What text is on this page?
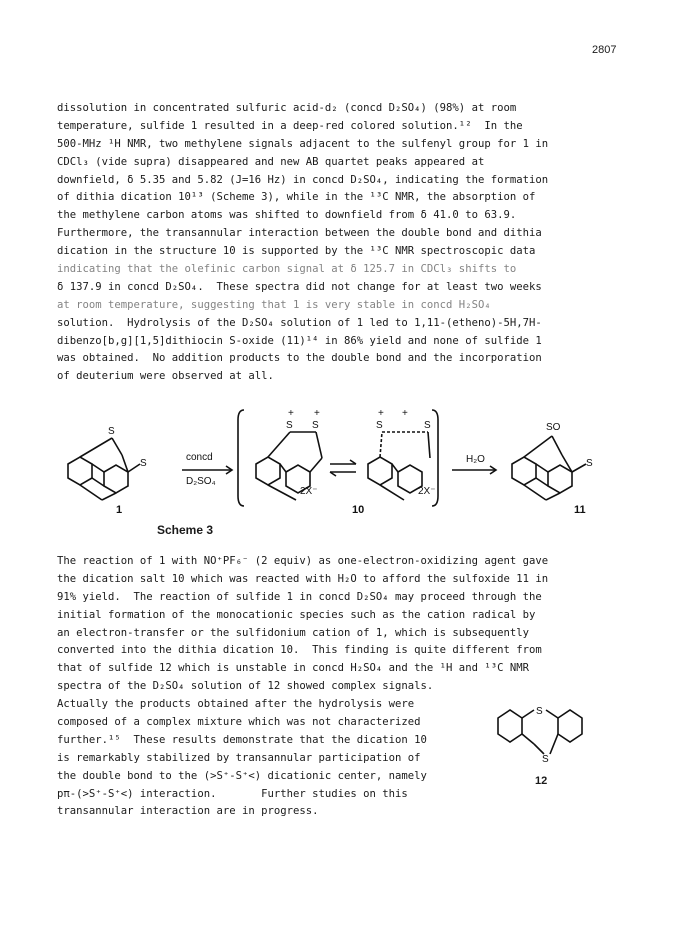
2807
dissolution in concentrated sulfuric acid-d₂ (concd D₂SO₄) (98%) at room
temperature, sulfide 1 resulted in a deep-red colored solution.¹²  In the
500-MHz ¹H NMR, two methylene signals adjacent to the sulfenyl group for 1 in
CDCl₃ (vide supra) disappeared and new AB quartet peaks appeared at
downfield, δ 5.35 and 5.82 (J=16 Hz) in concd D₂SO₄, indicating the formation
of dithia dication 10¹³ (Scheme 3), while in the ¹³C NMR, the absorption of
the methylene carbon atoms was shifted to downfield from δ 41.0 to 63.9.
Furthermore, the transannular interaction between the double bond and dithia
dication in the structure 10 is supported by the ¹³C NMR spectroscopic data
indicating that the olefinic carbon signal at δ 125.7 in CDCl₃ shifts to
δ 137.9 in concd D₂SO₄.  These spectra did not change for at least two weeks
at room temperature, suggesting that 1 is very stable in concd H₂SO₄
solution.  Hydrolysis of the D₂SO₄ solution of 1 led to 1,11-(etheno)-5H,7H-
dibenzo[b,g][1,5]dithiocin S-oxide (11)¹⁴ in 86% yield and none of sulfide 1
was obtained.  No addition products to the double bond and the incorporation
of deuterium were observed at all.
S
S
concd
D₂SO₄
S S
+ +
S	S
+ +
2X⁻	2X⁻
H₂O
SO
S
1	10	11
Scheme 3
The reaction of 1 with NO⁺PF₆⁻ (2 equiv) as one-electron-oxidizing agent gave
the dication salt 10 which was reacted with H₂O to afford the sulfoxide 11 in
91% yield.  The reaction of sulfide 1 in concd D₂SO₄ may proceed through the
initial formation of the monocationic species such as the cation radical by
an electron-transfer or the sulfidonium cation of 1, which is subsequently
converted into the dithia dication 10.  This finding is quite different from
that of sulfide 12 which is unstable in concd H₂SO₄ and the ¹H and ¹³C NMR
spectra of the D₂SO₄ solution of 12 showed complex signals.
Actually the products obtained after the hydrolysis were
composed of a complex mixture which was not characterized
further.¹⁵  These results demonstrate that the dication 10
is remarkably stabilized by transannular participation of
the double bond to the (>S⁺-S⁺<) dicationic center, namely
pπ-(>S⁺-S⁺<) interaction.       Further studies on this
transannular interaction are in progress.
S
S
12
